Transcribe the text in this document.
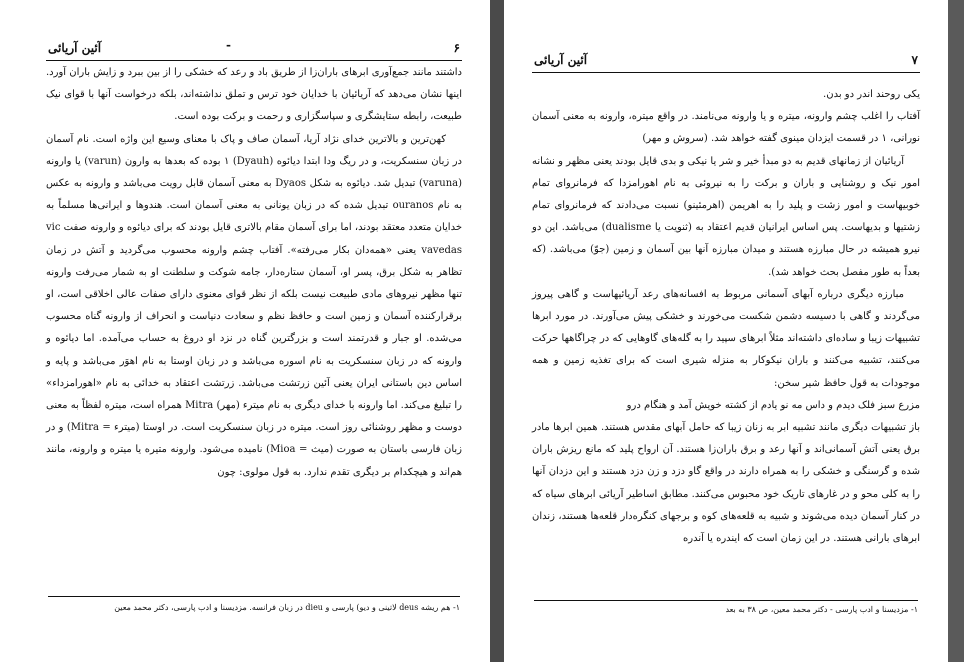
۶
-
آئین آریائی

داشتند مانند جمع‌آوری ابرهای باران‌زا از طریق باد و رعد که خشکی را از بین ببرد و زایش باران آورد. اینها نشان می‌دهد که آریائیان با خدایان خود ترس و تملق نداشته‌اند، بلکه درخواست آنها با قوای نیک طبیعت، رابطه ستایشگری و سپاسگزاری و رحمت و برکت بوده است.

کهن‌ترین و بالاترین خدای نژاد آریا، آسمان صاف و پاک با معنای وسیع این واژه است. نام آسمان در زبان سنسکریت، و در ریگ ودا ابتدا دیائوه (Dyauh) ۱ بوده که بعدها به وارون (varun) یا وارونه (varuna) تبدیل شد. دیائوه به شکل Dyaos به معنی آسمان قابل رویت می‌باشد و وارونه به عکس به نام ouranos تبدیل شده که در زبان یونانی به معنی آسمان است. هندوها و ایرانی‌ها مسلماً به خدایان متعدد معتقد بودند، اما برای آسمان مقام بالاتری قایل بودند که برای دیائوه و وارونه صفت vic vavedas یعنی «همه‌دان بکار می‌رفته». آفتاب چشم وارونه محسوب می‌گردید و آتش در زمان تظاهر به شکل برق، پسر او، آسمان ستاره‌دار، جامه شوکت و سلطنت او به شمار می‌رفت وارونه تنها مظهر نیروهای مادی طبیعت نیست بلکه از نظر قوای معنوی دارای صفات عالی اخلاقی است، او برقرارکننده آسمان و زمین است و حافظ نظم و سعادت دنیاست و انحراف از وارونه گناه محسوب می‌شده. او جبار و قدرتمند است و بزرگترین گناه در نزد او دروغ به حساب می‌آمده. اما دیائوه و وارونه که در زبان سنسکریت به نام اسوره می‌باشد و در زبان اوستا به نام اهوَر می‌باشد و پایه و اساس دین باستانی ایران یعنی آئین زرتشت می‌باشد. زرتشت اعتقاد به خدائی به نام «اهورامزداء» را تبلیغ می‌کند. اما وارونه با خدای دیگری به نام میترء (مهر) Mitra همراه است، میتره لفظاً به معنی دوست و مظهر روشنائی روز است. میتره در زبان سنسکریت است. در اوستا (میترء = Mitra) و در زبان فارسی باستان به صورت (میث = Mioa) نامیده می‌شود. وارونه متیره یا میتره و وارونه، مانند هم‌اند و هیچکدام بر دیگری تقدم ندارد. به قول مولوی: چون

۱- هم ریشه deus لاتینی و دیو) پارسی و dieu در زبان فرانسه. مزدیسنا و ادب پارسی، دکتر محمد معین
۷
آئین آریائی

یکی روحند اندر دو بدن.

آفتاب را اغلب چشم وارونه، میتره و یا وارونه می‌نامند. در واقع میتره، وارونه به معنی آسمان نورانی، ۱ در قسمت ایزدان مینوی گفته خواهد شد. (سروش و مهر)

آریائیان از زمانهای قدیم به دو مبدأ خیر و شر یا نیکی و بدی قایل بودند یعنی مظهر و نشانه امور نیک و روشنایی و باران و برکت را به نیروئی به نام اهورامزدا که فرمانروای تمام خوبیهاست و امور زشت و پلید را به اهریمن (اهرمئینو) نسبت می‌دادند که فرمانروای تمام زشتیها و بدیهاست. پس اساس ایرانیان قدیم اعتقاد به (ثنویت یا dualisme) می‌باشد. این دو نیرو همیشه در حال مبارزه هستند و میدان مبارزه آنها بین آسمان و زمین (جوّ) می‌باشد. (که بعداً به طور مفصل بحث خواهد شد).

مبارزه دیگری درباره آبهای آسمانی مربوط به افسانه‌های رعد آریائیهاست و گاهی پیروز می‌گردند و گاهی با دسیسه دشمن شکست می‌خورند و خشکی پیش می‌آورند. در مورد ابرها تشبیهات زیبا و ساده‌ای داشته‌اند مثلاً ابرهای سپید را به گله‌های گاوهایی که در چراگاهها حرکت می‌کنند، تشبیه می‌کنند و باران نیکوکار به منزله شیری است که برای تغذیه زمین و همه موجودات به قول حافظ شیر سخن:

مزرع سبز فلک دیدم و داس مه نو یادم از کشته خویش آمد و هنگام درو

باز تشبیهات دیگری مانند تشبیه ابر به زنان زیبا که حامل آبهای مقدس هستند. همین ابرها مادر برق یعنی آتش آسمانی‌اند و آنها رعد و برق باران‌زا هستند. آن ارواح پلید که مانع ریزش باران شده و گرسنگی و خشکی را به همراه دارند در واقع گاو دزد و زن دزد هستند و این دزدان آنها را به کلی محو و در غارهای تاریک خود محبوس می‌کنند. مطابق اساطیر آریائی ابرهای سیاه که در کنار آسمان دیده می‌شوند و شبیه به قلعه‌های کوه و برجهای کنگره‌دار قلعه‌ها هستند، زندان ابرهای بارانی هستند. در این زمان است که ایندره یا آندره

۱- مزدیسنا و ادب پارسی - دکتر محمد معین، ص ۳۸ به بعد
